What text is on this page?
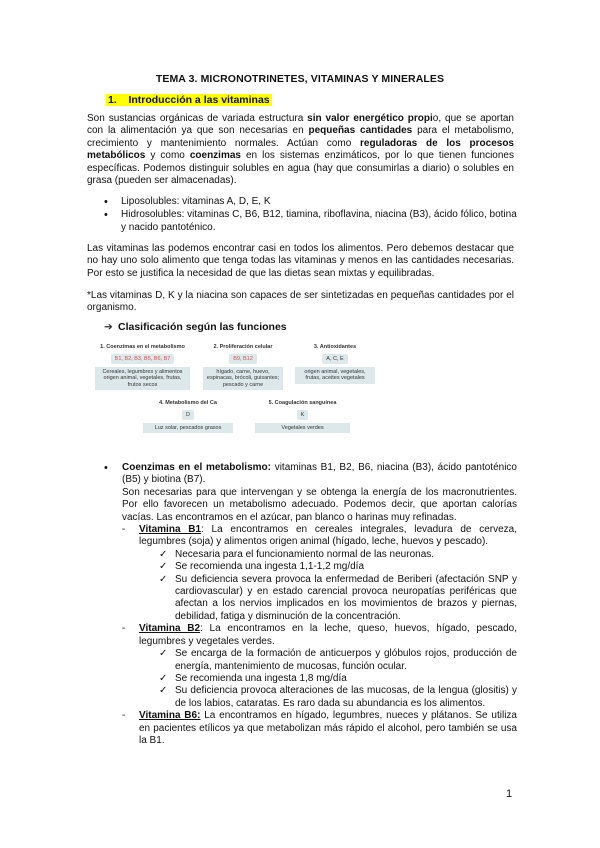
TEMA 3. MICRONOTRINETES, VITAMINAS Y MINERALES
1. Introducción a las vitaminas
Son sustancias orgánicas de variada estructura sin valor energético propio, que se aportan con la alimentación ya que son necesarias en pequeñas cantidades para el metabolismo, crecimiento y mantenimiento normales. Actúan como reguladoras de los procesos metabólicos y como coenzimas en los sistemas enzimáticos, por lo que tienen funciones específicas. Podemos distinguir solubles en agua (hay que consumirlas a diario) o solubles en grasa (pueden ser almacenadas).
• Liposolubles: vitaminas A, D, E, K
• Hidrosolubles: vitaminas C, B6, B12, tiamina, riboflavina, niacina (B3), ácido fólico, botina y nacido pantoténico.
Las vitaminas las podemos encontrar casi en todos los alimentos. Pero debemos destacar que no hay uno solo alimento que tenga todas las vitaminas y menos en las cantidades necesarias. Por esto se justifica la necesidad de que las dietas sean mixtas y equilibradas.
*Las vitaminas D, K y la niacina son capaces de ser sintetizadas en pequeñas cantidades por el organismo.
➔ Clasificación según las funciones
1. Coenzimas en el metabolismo
B1, B2, B3, B5, B6, B7
Cereales, legumbres y alimentos origen animal, vegetales, frutas, frutos secos
2. Proliferación celular
B9, B12
hígado, carne, huevo, espinacas, brócoli, guisantes; pescado y carne
3. Antioxidantes
A, C, E
origen animal, vegetales, frutas, aceites vegetales
4. Metabolismo del Ca
D
Luz solar, pescados grasos
5. Coagulación sanguínea
K
Vegetales verdes
• Coenzimas en el metabolismo: vitaminas B1, B2, B6, niacina (B3), ácido pantoténico (B5) y biotina (B7).
Son necesarias para que intervengan y se obtenga la energía de los macronutrientes. Por ello favorecen un metabolismo adecuado. Podemos decir, que aportan calorías vacías. Las encontramos en el azúcar, pan blanco o harinas muy refinadas.
- Vitamina B1: La encontramos en cereales integrales, levadura de cerveza, legumbres (soja) y alimentos origen animal (hígado, leche, huevos y pescado).
✓ Necesaria para el funcionamiento normal de las neuronas.
✓ Se recomienda una ingesta 1,1-1,2 mg/día
✓ Su deficiencia severa provoca la enfermedad de Beriberi (afectación SNP y cardiovascular) y en estado carencial provoca neuropatías periféricas que afectan a los nervios implicados en los movimientos de brazos y piernas, debilidad, fatiga y disminución de la concentración.
- Vitamina B2: La encontramos en la leche, queso, huevos, hígado, pescado, legumbres y vegetales verdes.
✓ Se encarga de la formación de anticuerpos y glóbulos rojos, producción de energía, mantenimiento de mucosas, función ocular.
✓ Se recomienda una ingesta 1,8 mg/día
✓ Su deficiencia provoca alteraciones de las mucosas, de la lengua (glositis) y de los labios, cataratas. Es raro dada su abundancia es los alimentos.
- Vitamina B6: La encontramos en hígado, legumbres, nueces y plátanos. Se utiliza en pacientes etílicos ya que metabolizan más rápido el alcohol, pero también se usa la B1.
1
